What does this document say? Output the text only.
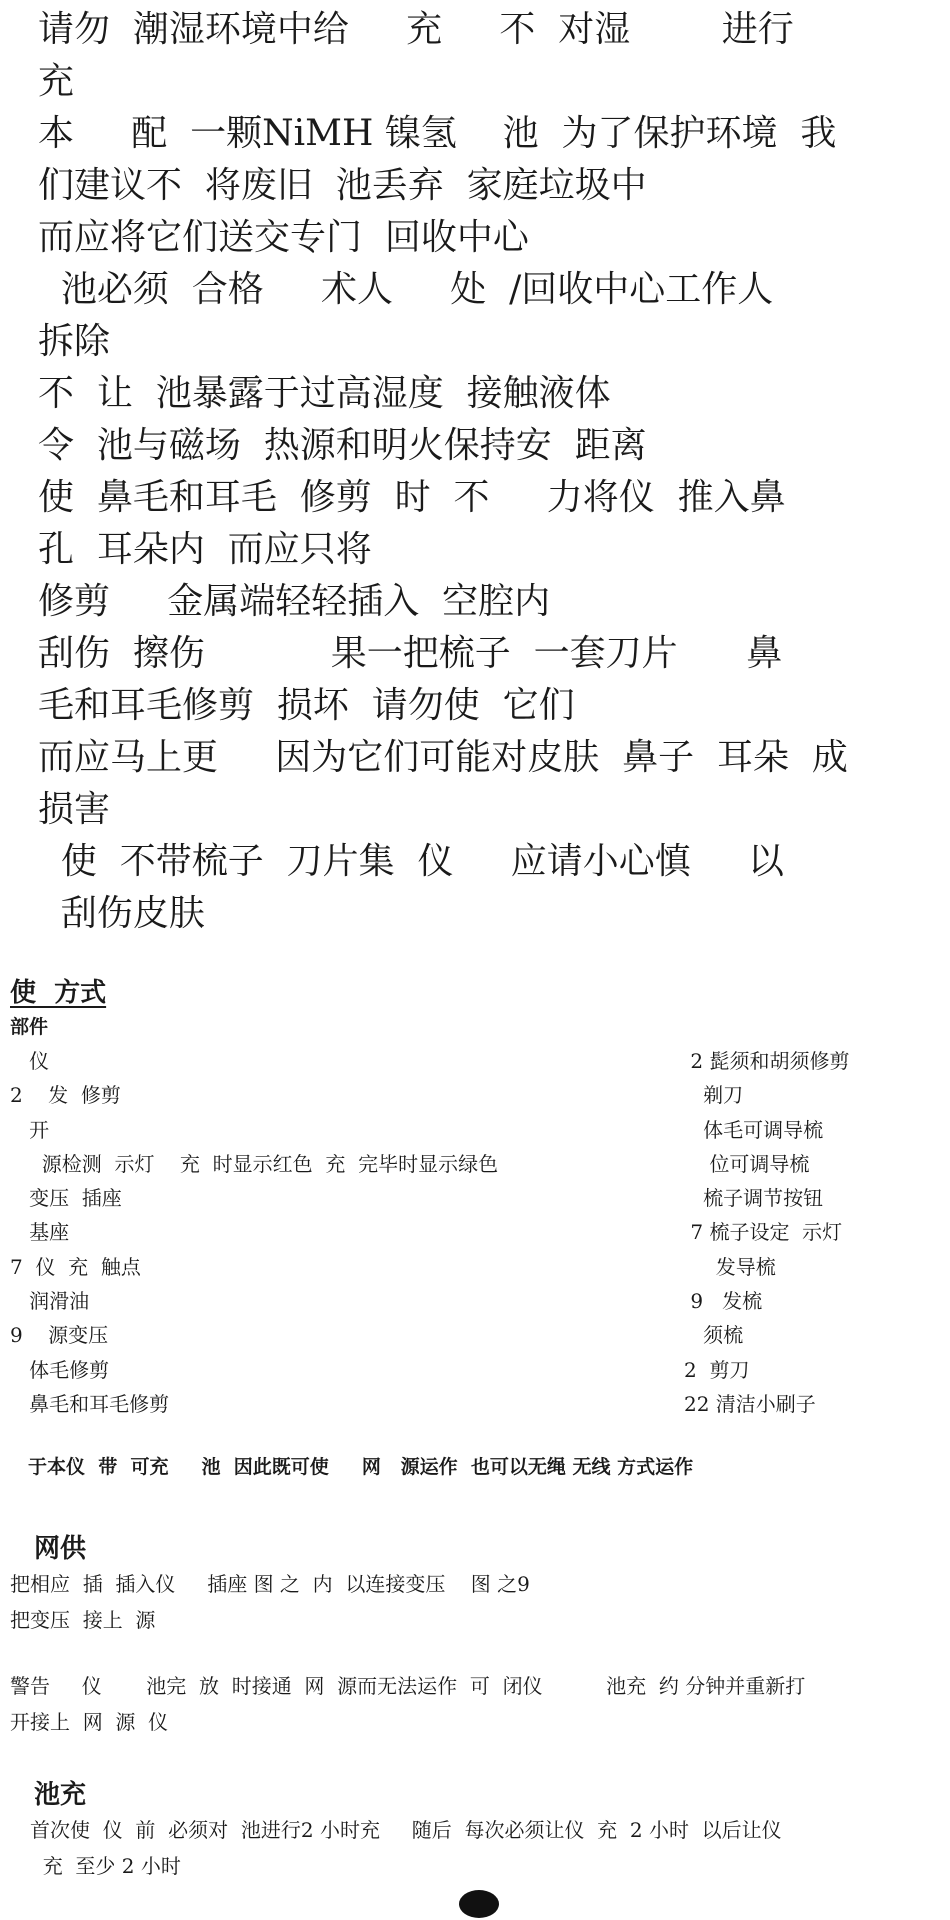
请勿  潮湿环境中给     充     不  对湿        进行
充
本     配  一颗NiMH 镍氢    池  为了保护环境  我
们建议不  将废旧  池丢弃  家庭垃圾中
而应将它们送交专门  回收中心
池必须  合格     术人     处  /回收中心工作人
拆除
不  让  池暴露于过高湿度  接触液体
令  池与磁场  热源和明火保持安  距离
使  鼻毛和耳毛  修剪  时  不     力将仪  推入鼻
孔  耳朵内  而应只将
修剪     金属端轻轻插入  空腔内
刮伤  擦伤           果一把梳子  一套刀片      鼻
毛和耳毛修剪  损坏  请勿使  它们
而应马上更     因为它们可能对皮肤  鼻子  耳朵  成
损害
使  不带梳子  刀片集  仪     应请小心慎     以
刮伤皮肤
使  方式
部件
仪
2    发  修剪
开
源检测  示灯    充  时显示红色  充  完毕时显示绿色
变压  插座
基座
7  仪  充  触点
润滑油
9    源变压
体毛修剪
鼻毛和耳毛修剪
2 髭须和胡须修剪
剃刀
体毛可调导梳
位可调导梳
梳子调节按钮
7 梳子设定  示灯
发导梳
9   发梳
须梳
2  剪刀
22 清洁小刷子
于本仪  带  可充     池  因此既可使     网   源运作  也可以无绳 无线 方式运作
网供
把相应  插  插入仪     插座 图 之  内  以连接变压    图 之9
把变压  接上  源
警告     仪       池完  放  时接通  网  源而无法运作  可  闭仪          池充  约 分钟并重新打
开接上  网  源  仪
池充
首次使  仪  前  必须对  池进行2 小时充     随后  每次必须让仪  充  2 小时  以后让仪
充  至少 2 小时
